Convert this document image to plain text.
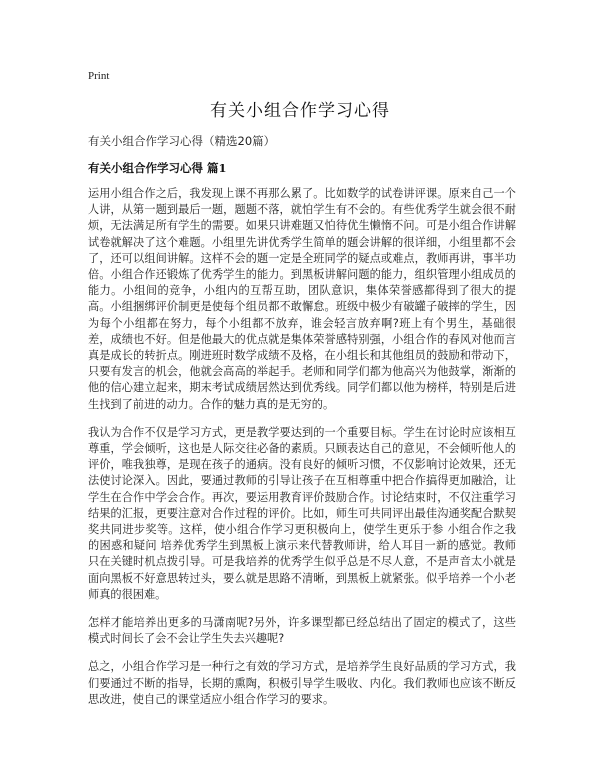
Print
有关小组合作学习心得
有关小组合作学习心得（精选20篇）
有关小组合作学习心得 篇1

运用小组合作之后，我发现上课不再那么累了。比如数学的试卷讲评课。原来自己一个人讲，从第一题到最后一题，题题不落，就怕学生有不会的。有些优秀学生就会很不耐烦，无法满足所有学生的需要。如果只讲难题又怕待优生懒惰不问。可是小组合作讲解试卷就解决了这个难题。小组里先讲优秀学生简单的题会讲解的很详细，小组里都不会了，还可以组间讲解。这样不会的题一定是全班同学的疑点或难点，教师再讲，事半功倍。小组合作还锻炼了优秀学生的能力。到黑板讲解问题的能力，组织管理小组成员的能力。小组间的竞争，小组内的互帮互助，团队意识，集体荣誉感都得到了很大的提高。小组捆绑评价制更是使每个组员都不敢懈怠。班级中极少有破罐子破摔的学生，因为每个小组都在努力，每个小组都不放弃，谁会轻言放弃啊?班上有个男生，基础很差，成绩也不好。但是他最大的优点就是集体荣誉感特别强，小组合作的春风对他而言真是成长的转折点。刚进班时数学成绩不及格，在小组长和其他组员的鼓励和带动下，只要有发言的机会，他就会高高的举起手。老师和同学们都为他高兴为他鼓掌，渐渐的他的信心建立起来，期末考试成绩居然达到优秀线。同学们都以他为榜样，特别是后进生找到了前进的动力。合作的魅力真的是无穷的。

我认为合作不仅是学习方式，更是教学要达到的一个重要目标。学生在讨论时应该相互尊重，学会倾听，这也是人际交往必备的素质。只顾表达自己的意见，不会倾听他人的评价，唯我独尊，是现在孩子的通病。没有良好的倾听习惯，不仅影响讨论效果，还无法使讨论深入。因此，要通过教师的引导让孩子在互相尊重中把合作搞得更加融洽，让学生在合作中学会合作。再次，要运用教育评价鼓励合作。讨论结束时，不仅注重学习结果的汇报，更要注意对合作过程的评价。比如，师生可共同评出最佳沟通奖配合默契奖共同进步奖等。这样，使小组合作学习更积极向上，使学生更乐于参 小组合作之我的困惑和疑问 培养优秀学生到黑板上演示来代替教师讲，给人耳目一新的感觉。教师只在关键时机点拨引导。可是我培养的优秀学生似乎总是不尽人意，不是声音太小就是面向黑板不好意思转过头，要么就是思路不清晰，到黑板上就紧张。似乎培养一个小老师真的很困难。

怎样才能培养出更多的马潇南呢?另外，许多课型都已经总结出了固定的模式了，这些模式时间长了会不会让学生失去兴趣呢?

总之，小组合作学习是一种行之有效的学习方式，是培养学生良好品质的学习方式，我们要通过不断的指导，长期的熏陶，积极引导学生吸收、内化。我们教师也应该不断反思改进，使自己的课堂适应小组合作学习的要求。
